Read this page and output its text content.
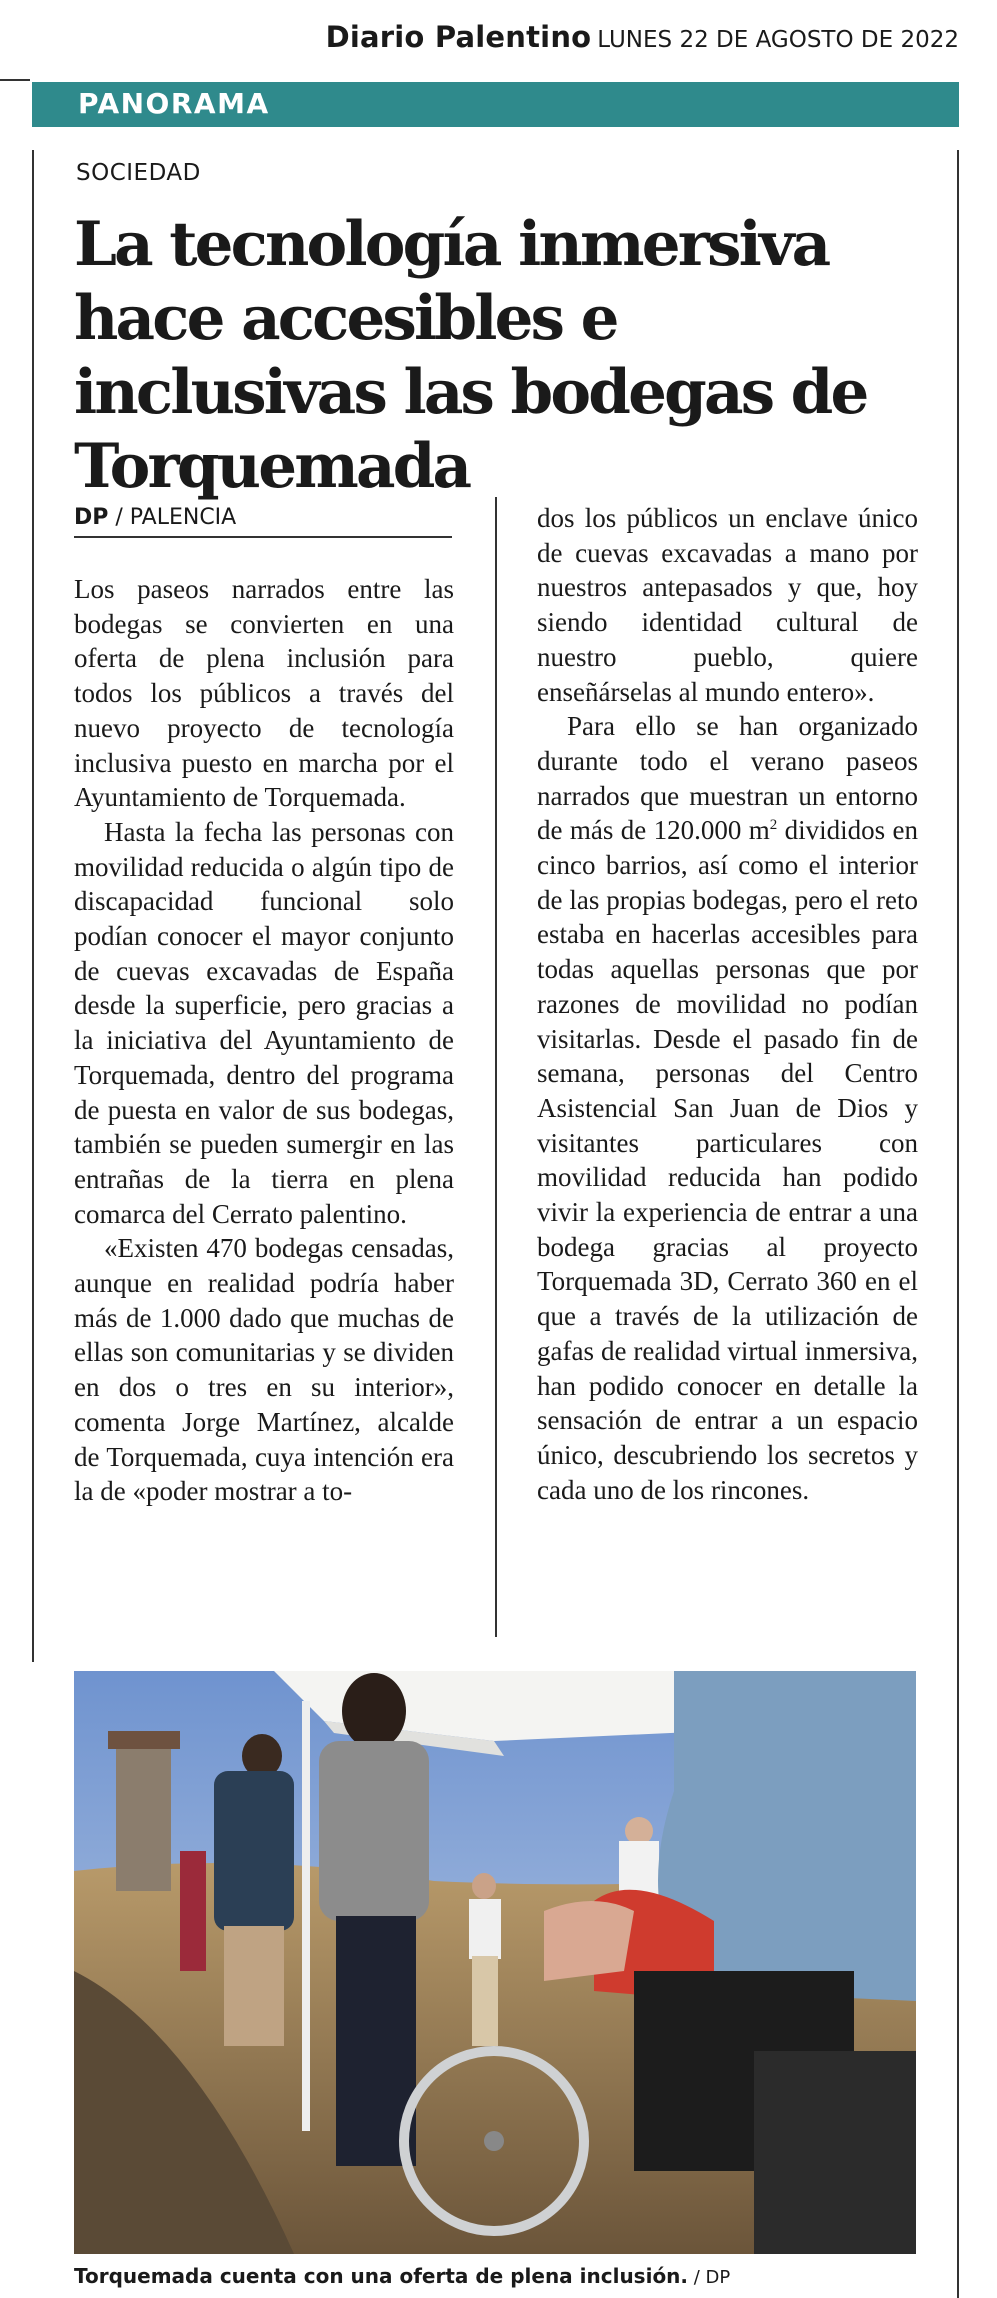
Diario Palentino LUNES 22 DE AGOSTO DE 2022
PANORAMA
SOCIEDAD
La tecnología inmersiva hace accesibles e inclusivas las bodegas de Torquemada
DP / PALENCIA

Los paseos narrados entre las bodegas se convierten en una oferta de plena inclusión para todos los públicos a través del nuevo proyecto de tecnología inclusiva puesto en marcha por el Ayuntamiento de Torquemada.

Hasta la fecha las personas con movilidad reducida o algún tipo de discapacidad funcional solo podían conocer el mayor conjunto de cuevas excavadas de España desde la superficie, pero gracias a la iniciativa del Ayuntamiento de Torquemada, dentro del programa de puesta en valor de sus bodegas, también se pueden sumergir en las entrañas de la tierra en plena comarca del Cerrato palentino.

«Existen 470 bodegas censadas, aunque en realidad podría haber más de 1.000 dado que muchas de ellas son comunitarias y se dividen en dos o tres en su interior», comenta Jorge Martínez, alcalde de Torquemada, cuya intención era la de «poder mostrar a to-

dos los públicos un enclave único de cuevas excavadas a mano por nuestros antepasados y que, hoy siendo identidad cultural de nuestro pueblo, quiere enseñárselas al mundo entero».

Para ello se han organizado durante todo el verano paseos narrados que muestran un entorno de más de 120.000 $m^2$ divididos en cinco barrios, así como el interior de las propias bodegas, pero el reto estaba en hacerlas accesibles para todas aquellas personas que por razones de movilidad no podían visitarlas. Desde el pasado fin de semana, personas del Centro Asistencial San Juan de Dios y visitantes particulares con movilidad reducida han podido vivir la experiencia de entrar a una bodega gracias al proyecto Torquemada 3D, Cerrato 360 en el que a través de la utilización de gafas de realidad virtual inmersiva, han podido conocer en detalle la sensación de entrar a un espacio único, descubriendo los secretos y cada uno de los rincones.

Torquemada cuenta con una oferta de plena inclusión. / DP
